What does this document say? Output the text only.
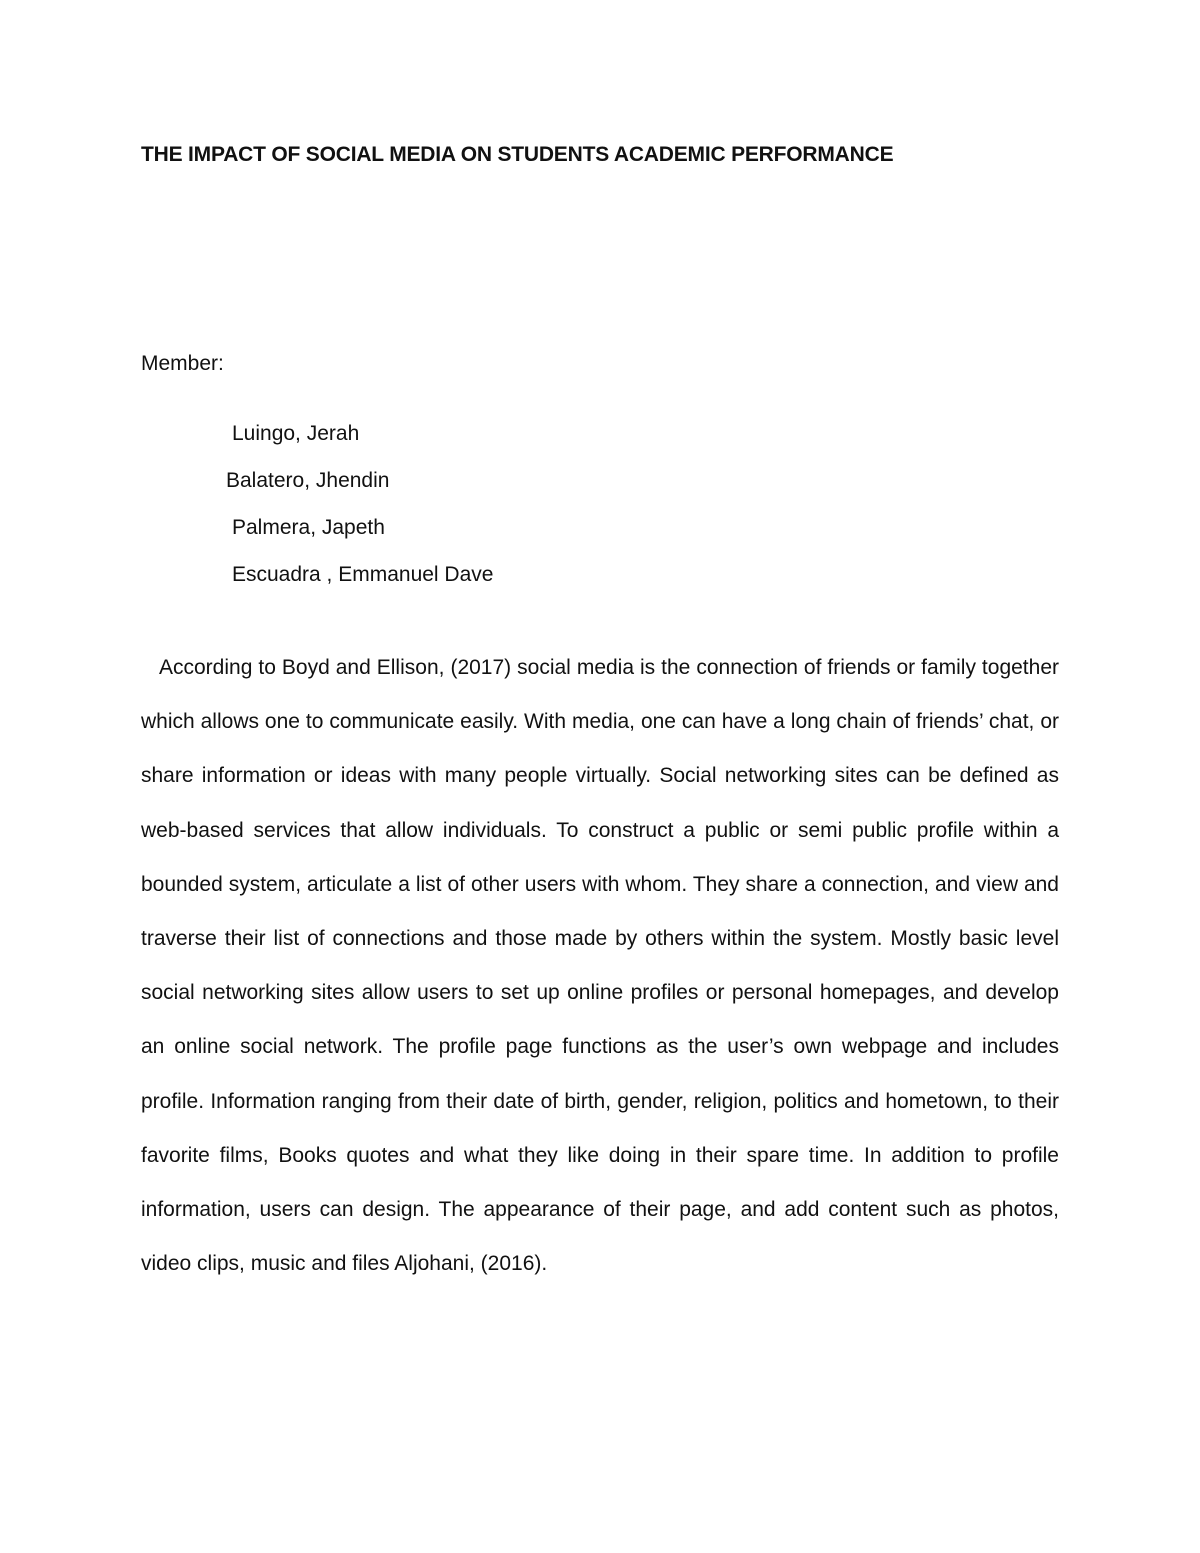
THE IMPACT OF SOCIAL MEDIA ON STUDENTS ACADEMIC PERFORMANCE

Member:

Luingo, Jerah
Balatero, Jhendin
Palmera, Japeth
Escuadra , Emmanuel Dave

According to Boyd and Ellison, (2017) social media is the connection of friends or family together which allows one to communicate easily. With media, one can have a long chain of friends’ chat, or share information or ideas with many people virtually. Social networking sites can be defined as web-based services that allow individuals. To construct a public or semi public profile within a bounded system, articulate a list of other users with whom. They share a connection, and view and traverse their list of connections and those made by others within the system. Mostly basic level social networking sites allow users to set up online profiles or personal homepages, and develop an online social network. The profile page functions as the user’s own webpage and includes profile. Information ranging from their date of birth, gender, religion, politics and hometown, to their favorite films, Books quotes and what they like doing in their spare time. In addition to profile information, users can design. The appearance of their page, and add content such as photos, video clips, music and files Aljohani, (2016).
